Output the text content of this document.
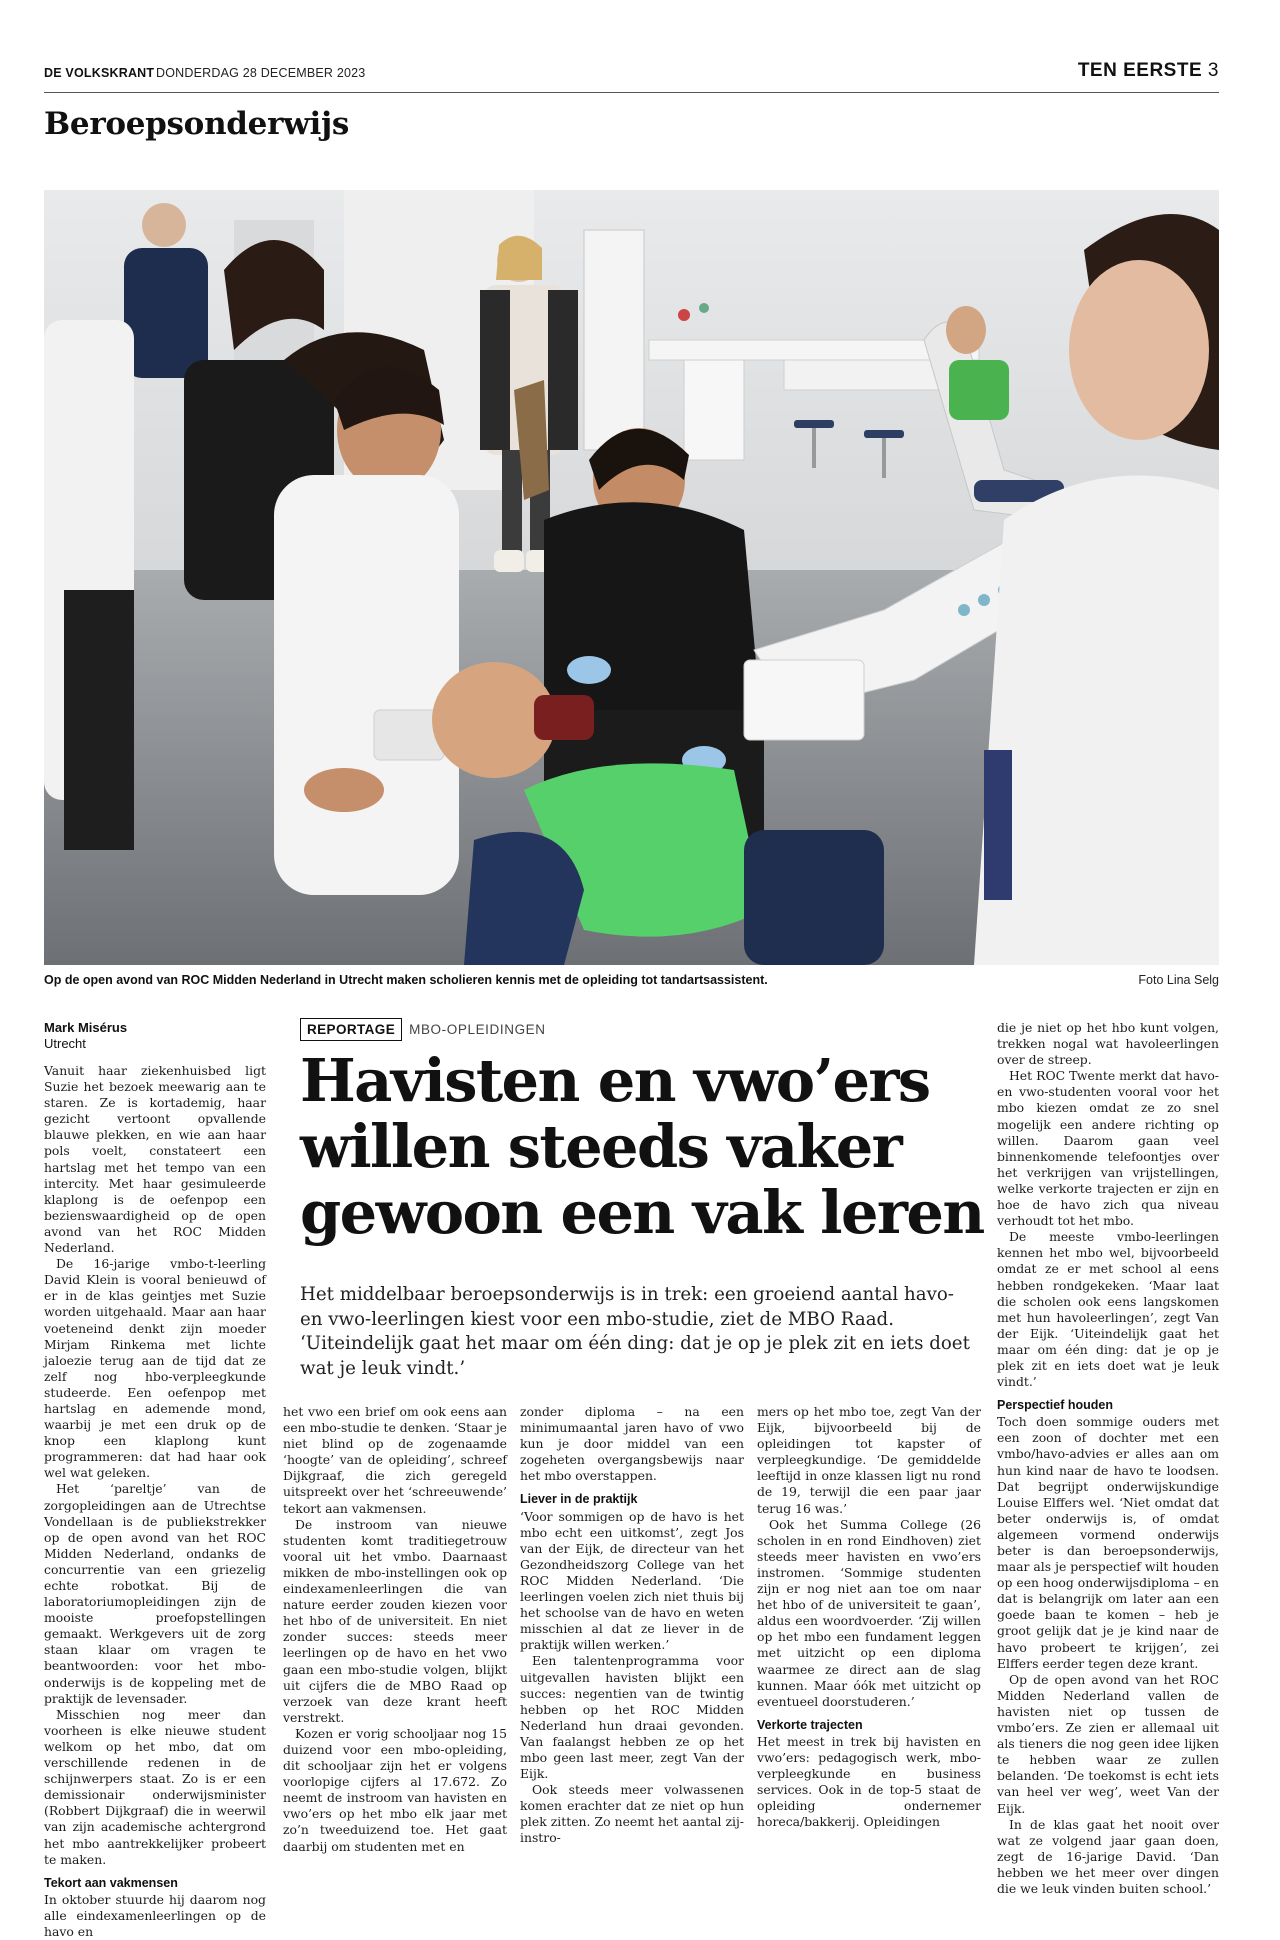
DE VOLKSKRANT DONDERDAG 28 DECEMBER 2023	TEN EERSTE 3
Beroepsonderwijs
Op de open avond van ROC Midden Nederland in Utrecht maken scholieren kennis met de opleiding tot tandartsassistent.	Foto Lina Selg
Mark Misérus
Utrecht
REPORTAGE	MBO-OPLEIDINGEN
Havisten en vwo’ers willen steeds vaker gewoon een vak leren

Het middelbaar beroepsonderwijs is in trek: een groeiend aantal havo- en vwo-leerlingen kiest voor een mbo-studie, ziet de MBO Raad. ‘Uiteindelijk gaat het maar om één ding: dat je op je plek zit en iets doet wat je leuk vindt.’

Vanuit haar ziekenhuisbed ligt Suzie het bezoek meewarig aan te staren. Ze is kortademig, haar gezicht vertoont opvallende blauwe plekken, en wie aan haar pols voelt, constateert een hartslag met het tempo van een intercity. Met haar gesimuleerde klaplong is de oefenpop een bezienswaardigheid op de open avond van het ROC Midden Nederland.

De 16-jarige vmbo-t-leerling David Klein is vooral benieuwd of er in de klas geintjes met Suzie worden uitgehaald. Maar aan haar voeteneind denkt zijn moeder Mirjam Rinkema met lichte jaloezie terug aan de tijd dat ze zelf nog hbo-verpleegkunde studeerde. Een oefenpop met hartslag en ademende mond, waarbij je met een druk op de knop een klaplong kunt programmeren: dat had haar ook wel wat geleken.

Het ‘pareltje’ van de zorgopleidingen aan de Utrechtse Vondellaan is de publiekstrekker op de open avond van het ROC Midden Nederland, ondanks de concurrentie van een griezelig echte robotkat. Bij de laboratoriumopleidingen zijn de mooiste proefopstellingen gemaakt. Werkgevers uit de zorg staan klaar om vragen te beantwoorden: voor het mbo-onderwijs is de koppeling met de praktijk de levensader.

Misschien nog meer dan voorheen is elke nieuwe student welkom op het mbo, dat om verschillende redenen in de schijnwerpers staat. Zo is er een demissionair onderwijsminister (Robbert Dijkgraaf) die in weerwil van zijn academische achtergrond het mbo aantrekkelijker probeert te maken.

Tekort aan vakmensen

In oktober stuurde hij daarom nog alle eindexamenleerlingen op de havo en

het vwo een brief om ook eens aan een mbo-studie te denken. ‘Staar je niet blind op de zogenaamde ‘hoogte’ van de opleiding’, schreef Dijkgraaf, die zich geregeld uitspreekt over het ‘schreeuwende’ tekort aan vakmensen.

De instroom van nieuwe studenten komt traditiegetrouw vooral uit het vmbo. Daarnaast mikken de mbo-instellingen ook op eindexamenleerlingen die van nature eerder zouden kiezen voor het hbo of de universiteit. En niet zonder succes: steeds meer leerlingen op de havo en het vwo gaan een mbo-studie volgen, blijkt uit cijfers die de MBO Raad op verzoek van deze krant heeft verstrekt.

Kozen er vorig schooljaar nog 15 duizend voor een mbo-opleiding, dit schooljaar zijn het er volgens voorlopige cijfers al 17.672. Zo neemt de instroom van havisten en vwo’ers op het mbo elk jaar met zo’n tweeduizend toe. Het gaat daarbij om studenten met en

zonder diploma – na een minimumaantal jaren havo of vwo kun je door middel van een zogeheten overgangsbewijs naar het mbo overstappen.

Liever in de praktijk

‘Voor sommigen op de havo is het mbo echt een uitkomst’, zegt Jos van der Eijk, de directeur van het Gezondheidszorg College van het ROC Midden Nederland. ‘Die leerlingen voelen zich niet thuis bij het schoolse van de havo en weten misschien al dat ze liever in de praktijk willen werken.’

Een talentenprogramma voor uitgevallen havisten blijkt een succes: negentien van de twintig hebben op het ROC Midden Nederland hun draai gevonden. Van faalangst hebben ze op het mbo geen last meer, zegt Van der Eijk.

Ook steeds meer volwassenen komen erachter dat ze niet op hun plek zitten. Zo neemt het aantal zij-instro-

mers op het mbo toe, zegt Van der Eijk, bijvoorbeeld bij de opleidingen tot kapster of verpleegkundige. ‘De gemiddelde leeftijd in onze klassen ligt nu rond de 19, terwijl die een paar jaar terug 16 was.’

Ook het Summa College (26 scholen in en rond Eindhoven) ziet steeds meer havisten en vwo’ers instromen. ‘Sommige studenten zijn er nog niet aan toe om naar het hbo of de universiteit te gaan’, aldus een woordvoerder. ‘Zij willen op het mbo een fundament leggen met uitzicht op een diploma waarmee ze direct aan de slag kunnen. Maar óók met uitzicht op eventueel doorstuderen.’

Verkorte trajecten

Het meest in trek bij havisten en vwo’ers: pedagogisch werk, mbo-verpleegkunde en business services. Ook in de top-5 staat de opleiding ondernemer horeca/bakkerij. Opleidingen

die je niet op het hbo kunt volgen, trekken nogal wat havoleerlingen over de streep.

Het ROC Twente merkt dat havo- en vwo-studenten vooral voor het mbo kiezen omdat ze zo snel mogelijk een andere richting op willen. Daarom gaan veel binnenkomende telefoontjes over het verkrijgen van vrijstellingen, welke verkorte trajecten er zijn en hoe de havo zich qua niveau verhoudt tot het mbo.

De meeste vmbo-leerlingen kennen het mbo wel, bijvoorbeeld omdat ze er met school al eens hebben rondgekeken. ‘Maar laat die scholen ook eens langskomen met hun havoleerlingen’, zegt Van der Eijk. ‘Uiteindelijk gaat het maar om één ding: dat je op je plek zit en iets doet wat je leuk vindt.’

Perspectief houden

Toch doen sommige ouders met een zoon of dochter met een vmbo/havo-advies er alles aan om hun kind naar de havo te loodsen. Dat begrijpt onderwijskundige Louise Elffers wel. ‘Niet omdat dat beter onderwijs is, of omdat algemeen vormend onderwijs beter is dan beroepsonderwijs, maar als je perspectief wilt houden op een hoog onderwijsdiploma – en dat is belangrijk om later aan een goede baan te komen – heb je groot gelijk dat je je kind naar de havo probeert te krijgen’, zei Elffers eerder tegen deze krant.

Op de open avond van het ROC Midden Nederland vallen de havisten niet op tussen de vmbo’ers. Ze zien er allemaal uit als tieners die nog geen idee lijken te hebben waar ze zullen belanden. ‘De toekomst is echt iets van heel ver weg’, weet Van der Eijk.

In de klas gaat het nooit over wat ze volgend jaar gaan doen, zegt de 16-jarige David. ‘Dan hebben we het meer over dingen die we leuk vinden buiten school.’
